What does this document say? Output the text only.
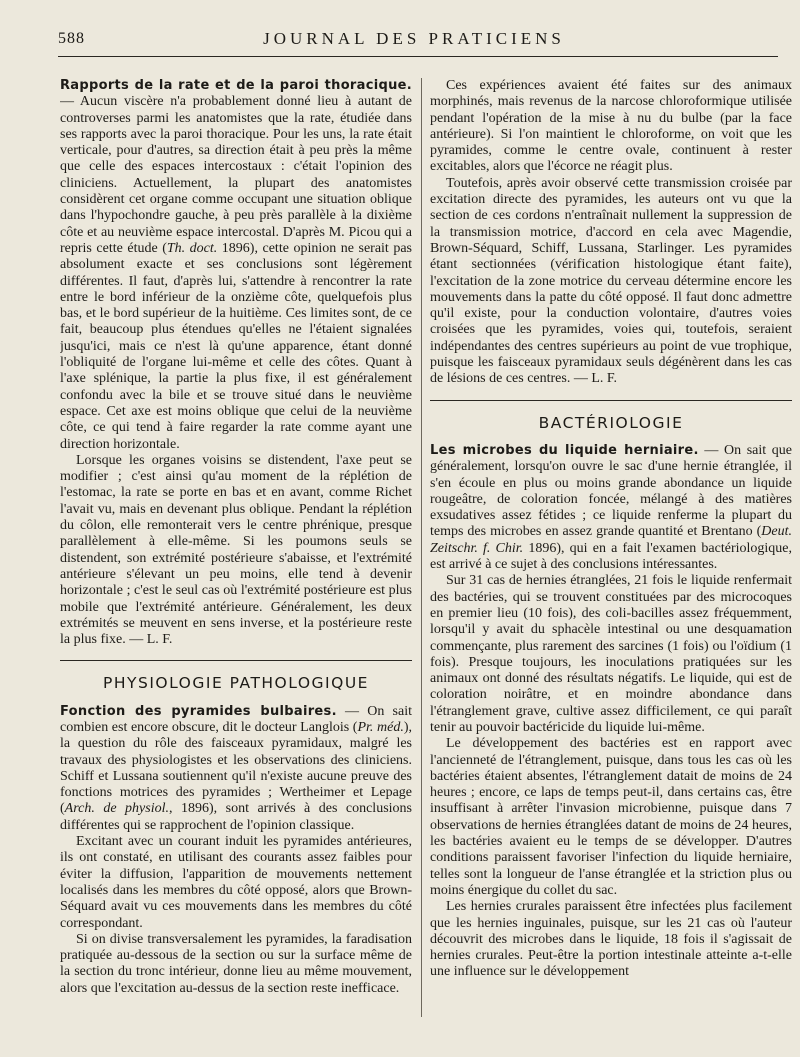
588	JOURNAL DES PRATICIENS

Rapports de la rate et de la paroi thoracique. — Aucun viscère n'a probablement donné lieu à autant de controverses parmi les anatomistes que la rate, étudiée dans ses rapports avec la paroi thoracique. Pour les uns, la rate était verticale, pour d'autres, sa direction était à peu près la même que celle des espaces intercostaux : c'était l'opinion des cliniciens. Actuellement, la plupart des anatomistes considèrent cet organe comme occupant une situation oblique dans l'hypochondre gauche, à peu près parallèle à la dixième côte et au neuvième espace intercostal. D'après M. Picou qui a repris cette étude (Th. doct. 1896), cette opinion ne serait pas absolument exacte et ses conclusions sont légèrement différentes. Il faut, d'après lui, s'attendre à rencontrer la rate entre le bord inférieur de la onzième côte, quelquefois plus bas, et le bord supérieur de la huitième. Ces limites sont, de ce fait, beaucoup plus étendues qu'elles ne l'étaient signalées jusqu'ici, mais ce n'est là qu'une apparence, étant donné l'obliquité de l'organe lui-même et celle des côtes. Quant à l'axe splénique, la partie la plus fixe, il est généralement confondu avec la bile et se trouve situé dans le neuvième espace. Cet axe est moins oblique que celui de la neuvième côte, ce qui tend à faire regarder la rate comme ayant une direction horizontale.

Lorsque les organes voisins se distendent, l'axe peut se modifier ; c'est ainsi qu'au moment de la réplétion de l'estomac, la rate se porte en bas et en avant, comme Richet l'avait vu, mais en devenant plus oblique. Pendant la réplétion du côlon, elle remonterait vers le centre phrénique, presque parallèlement à elle-même. Si les poumons seuls se distendent, son extrémité postérieure s'abaisse, et l'extrémité antérieure s'élevant un peu moins, elle tend à devenir horizontale ; c'est le seul cas où l'extrémité postérieure est plus mobile que l'extrémité antérieure. Généralement, les deux extrémités se meuvent en sens inverse, et la postérieure reste la plus fixe. — L. F.

PHYSIOLOGIE PATHOLOGIQUE

Fonction des pyramides bulbaires. — On sait combien est encore obscure, dit le docteur Langlois (Pr. méd.), la question du rôle des faisceaux pyramidaux, malgré les travaux des physiologistes et les observations des cliniciens. Schiff et Lussana soutiennent qu'il n'existe aucune preuve des fonctions motrices des pyramides ; Wertheimer et Lepage (Arch. de physiol., 1896), sont arrivés à des conclusions différentes qui se rapprochent de l'opinion classique.

Excitant avec un courant induit les pyramides antérieures, ils ont constaté, en utilisant des courants assez faibles pour éviter la diffusion, l'apparition de mouvements nettement localisés dans les membres du côté opposé, alors que Brown-Séquard avait vu ces mouvements dans les membres du côté correspondant.

Si on divise transversalement les pyramides, la faradisation pratiquée au-dessous de la section ou sur la surface même de la section du tronc intérieur, donne lieu au même mouvement, alors que l'excitation au-dessus de la section reste inefficace.

Ces expériences avaient été faites sur des animaux morphinés, mais revenus de la narcose chloroformique utilisée pendant l'opération de la mise à nu du bulbe (par la face antérieure). Si l'on maintient le chloroforme, on voit que les pyramides, comme le centre ovale, continuent à rester excitables, alors que l'écorce ne réagit plus.

Toutefois, après avoir observé cette transmission croisée par excitation directe des pyramides, les auteurs ont vu que la section de ces cordons n'entraînait nullement la suppression de la transmission motrice, d'accord en cela avec Magendie, Brown-Séquard, Schiff, Lussana, Starlinger. Les pyramides étant sectionnées (vérification histologique étant faite), l'excitation de la zone motrice du cerveau détermine encore les mouvements dans la patte du côté opposé. Il faut donc admettre qu'il existe, pour la conduction volontaire, d'autres voies croisées que les pyramides, voies qui, toutefois, seraient indépendantes des centres supérieurs au point de vue trophique, puisque les faisceaux pyramidaux seuls dégénèrent dans les cas de lésions de ces centres. — L. F.

BACTÉRIOLOGIE

Les microbes du liquide herniaire. — On sait que généralement, lorsqu'on ouvre le sac d'une hernie étranglée, il s'en écoule en plus ou moins grande abondance un liquide rougeâtre, de coloration foncée, mélangé à des matières exsudatives assez fétides ; ce liquide renferme la plupart du temps des microbes en assez grande quantité et Brentano (Deut. Zeitschr. f. Chir. 1896), qui en a fait l'examen bactériologique, est arrivé à ce sujet à des conclusions intéressantes.

Sur 31 cas de hernies étranglées, 21 fois le liquide renfermait des bactéries, qui se trouvent constituées par des microcoques en premier lieu (10 fois), des coli-bacilles assez fréquemment, lorsqu'il y avait du sphacèle intestinal ou une desquamation commençante, plus rarement des sarcines (1 fois) ou l'oïdium (1 fois). Presque toujours, les inoculations pratiquées sur les animaux ont donné des résultats négatifs. Le liquide, qui est de coloration noirâtre, et en moindre abondance dans l'étranglement grave, cultive assez difficilement, ce qui paraît tenir au pouvoir bactéricide du liquide lui-même.

Le développement des bactéries est en rapport avec l'ancienneté de l'étranglement, puisque, dans tous les cas où les bactéries étaient absentes, l'étranglement datait de moins de 24 heures ; encore, ce laps de temps peut-il, dans certains cas, être insuffisant à arrêter l'invasion microbienne, puisque dans 7 observations de hernies étranglées datant de moins de 24 heures, les bactéries avaient eu le temps de se développer. D'autres conditions paraissent favoriser l'infection du liquide herniaire, telles sont la longueur de l'anse étranglée et la striction plus ou moins énergique du collet du sac.

Les hernies crurales paraissent être infectées plus facilement que les hernies inguinales, puisque, sur les 21 cas où l'auteur découvrit des microbes dans le liquide, 18 fois il s'agissait de hernies crurales. Peut-être la portion intestinale atteinte a-t-elle une influence sur le développement
